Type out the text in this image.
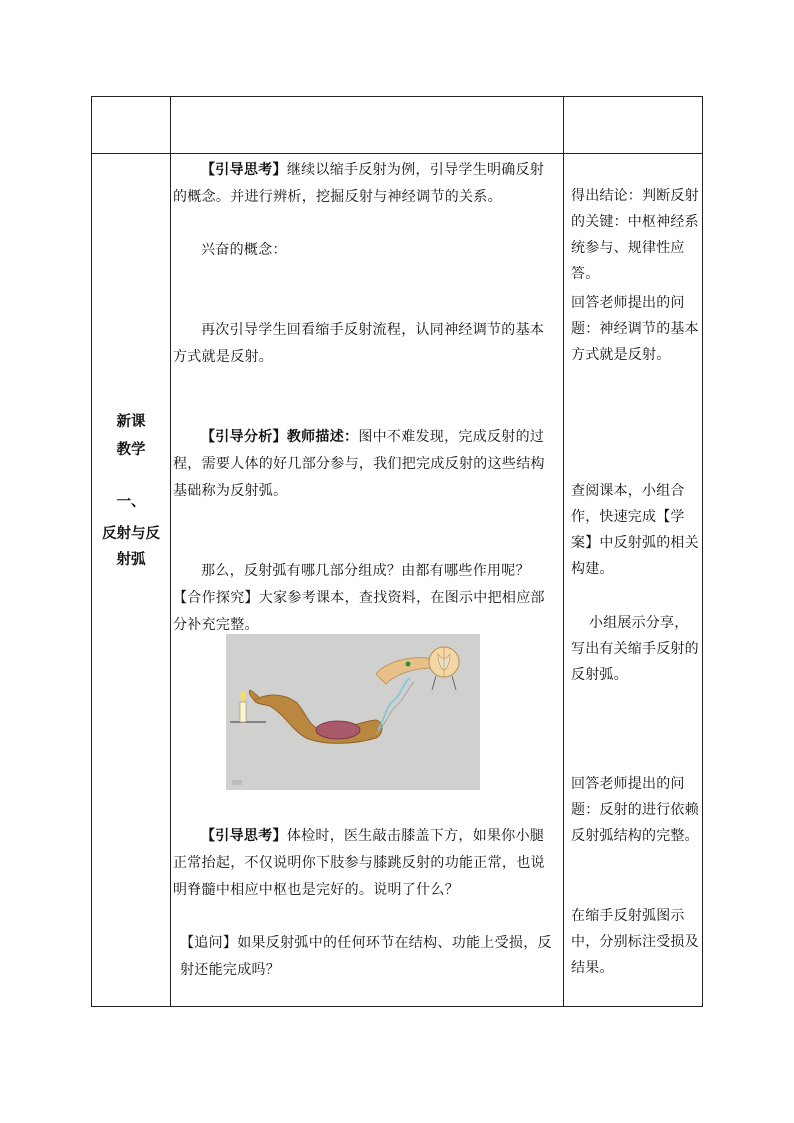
新课
教学
一、
反射与反
射弧

【引导思考】继续以缩手反射为例，引导学生明确反射的概念。并进行辨析，挖掘反射与神经调节的关系。

兴奋的概念：

再次引导学生回看缩手反射流程，认同神经调节的基本方式就是反射。

【引导分析】教师描述：图中不难发现，完成反射的过程，需要人体的好几部分参与，我们把完成反射的这些结构基础称为反射弧。

那么，反射弧有哪几部分组成？由都有哪些作用呢？【合作探究】大家参考课本，查找资料，在图示中把相应部分补充完整。

【引导思考】体检时，医生敲击膝盖下方，如果你小腿正常抬起，不仅说明你下肢参与膝跳反射的功能正常，也说明脊髓中相应中枢也是完好的。说明了什么？

【追问】如果反射弧中的任何环节在结构、功能上受损，反射还能完成吗？

得出结论：判断反射的关键：中枢神经系统参与、规律性应答。
回答老师提出的问题：神经调节的基本方式就是反射。
查阅课本，小组合作，快速完成【学案】中反射弧的相关构建。
小组展示分享，写出有关缩手反射的反射弧。
回答老师提出的问题：反射的进行依赖反射弧结构的完整。
在缩手反射弧图示中，分别标注受损及结果。
